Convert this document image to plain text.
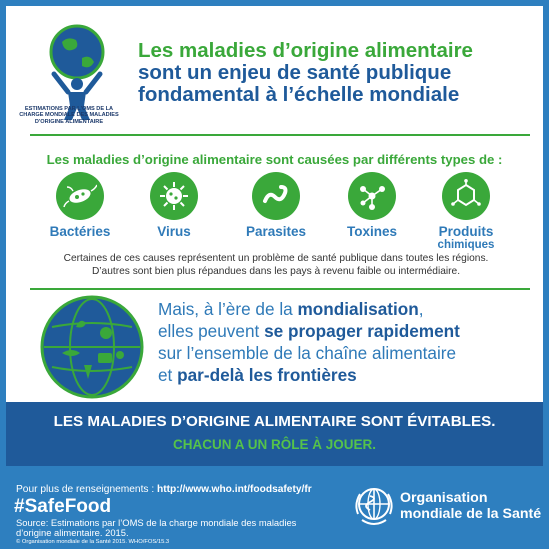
ESTIMATIONS PAR L'OMS DE LA CHARGE MONDIALE DES MALADIES D'ORIGINE ALIMENTAIRE
Les maladies d’origine alimentaire
sont un enjeu de santé publique
fondamental à l’échelle mondiale
Les maladies d’origine alimentaire sont causées par différents types de :
Bactéries	Virus	Parasites	Toxines	Produits
chimiques
Certaines de ces causes représentent un problème de santé publique dans toutes les régions.
D’autres sont bien plus répandues dans les pays à revenu faible ou intermédiaire.
Mais, à l’ère de la mondialisation,
elles peuvent se propager rapidement
sur l’ensemble de la chaîne alimentaire
et par-delà les frontières
LES MALADIES D’ORIGINE ALIMENTAIRE SONT ÉVITABLES.
CHACUN A UN RÔLE À JOUER.
Pour plus de renseignements : http://www.who.int/foodsafety/fr
#SafeFood
Source: Estimations par l’OMS de la charge mondiale des maladies
d’origine alimentaire. 2015.
© Organisation mondiale de la Santé 2015. WHO/FOS/15.3
Organisation
mondiale de la Santé
